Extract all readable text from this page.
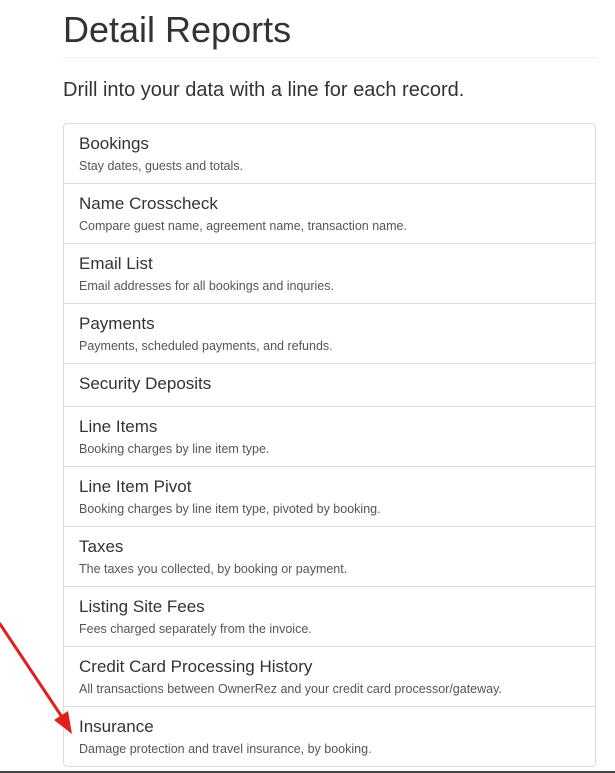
Detail Reports

Drill into your data with a line for each record.

Bookings
Stay dates, guests and totals.
Name Crosscheck
Compare guest name, agreement name, transaction name.
Email List
Email addresses for all bookings and inquries.
Payments
Payments, scheduled payments, and refunds.
Security Deposits
Line Items
Booking charges by line item type.
Line Item Pivot
Booking charges by line item type, pivoted by booking.
Taxes
The taxes you collected, by booking or payment.
Listing Site Fees
Fees charged separately from the invoice.
Credit Card Processing History
All transactions between OwnerRez and your credit card processor/gateway.
Insurance
Damage protection and travel insurance, by booking.
